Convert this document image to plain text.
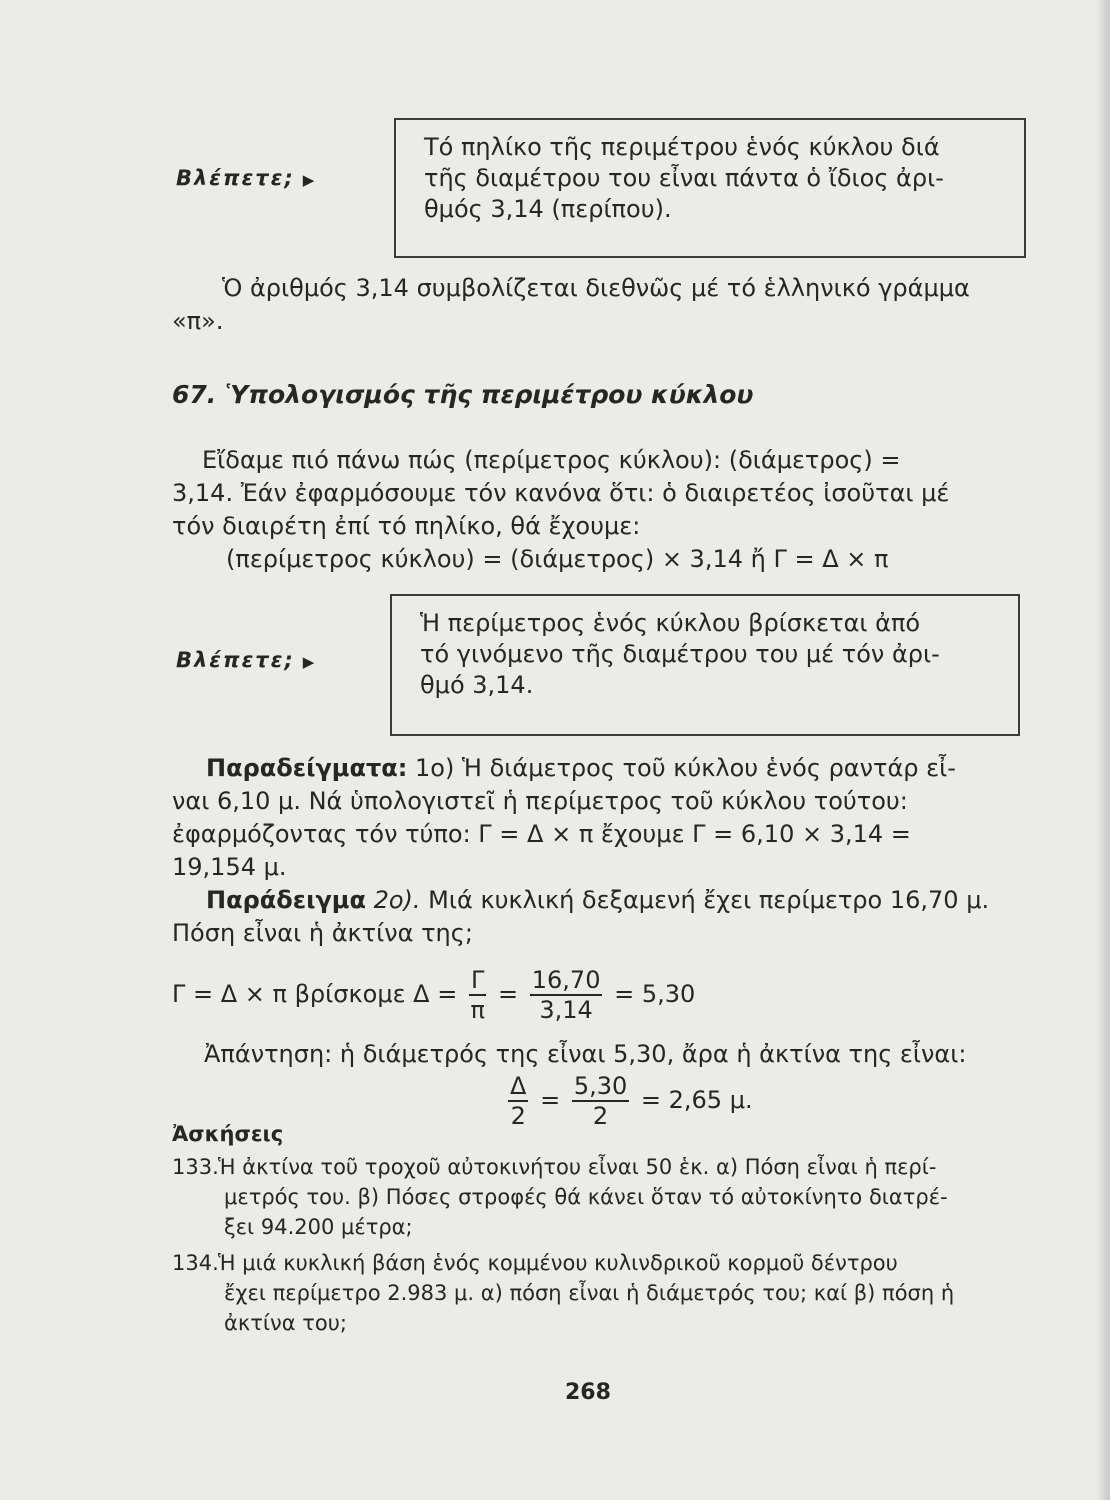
Βλέπετε; ▶
Τό πηλίκο τῆς περιμέτρου ἑνός κύκλου διά
τῆς διαμέτρου του εἶναι πάντα ὁ ἴδιος ἀρι-
θμός 3,14 (περίπου).
Ὁ ἀριθμός 3,14 συμβολίζεται διεθνῶς μέ τό ἑλληνικό γράμμα
«π».
67. Ὑπολογισμός τῆς περιμέτρου κύκλου
Εἴδαμε πιό πάνω πώς (περίμετρος κύκλου): (διάμετρος) =
3,14. Ἐάν ἐφαρμόσουμε τόν κανόνα ὅτι: ὁ διαιρετέος ἰσοῦται μέ
τόν διαιρέτη ἐπί τό πηλίκο, θά ἔχουμε:
(περίμετρος κύκλου) = (διάμετρος) × 3,14 ἤ Γ = Δ × π
Βλέπετε; ▶
Ἡ περίμετρος ἑνός κύκλου βρίσκεται ἀπό
τό γινόμενο τῆς διαμέτρου του μέ τόν ἀρι-
θμό 3,14.
Παραδείγματα: 1ο) Ἡ διάμετρος τοῦ κύκλου ἑνός ραντάρ εἶ-
ναι 6,10 μ. Νά ὑπολογιστεῖ ἡ περίμετρος τοῦ κύκλου τούτου:
ἐφαρμόζοντας τόν τύπο: Γ = Δ × π ἔχουμε Γ = 6,10 × 3,14 =
19,154 μ.
Παράδειγμα 2ο). Μιά κυκλική δεξαμενή ἔχει περίμετρο 16,70 μ.
Πόση εἶναι ἡ ἀκτίνα της;
Γ = Δ × π βρίσκομε $\Delta = \frac{\Gamma}{\pi} = \frac{16,70}{3,14} = 5,30$
Ἀπάντηση: ἡ διάμετρός της εἶναι 5,30, ἄρα ἡ ἀκτίνα της εἶναι:
$\frac{\Delta}{2} = \frac{5,30}{2} = 2,65$ μ.
Ἀσκήσεις
133.Ἡ ἀκτίνα τοῦ τροχοῦ αὐτοκινήτου εἶναι 50 ἑκ. α) Πόση εἶναι ἡ περί-
μετρός του. β) Πόσες στροφές θά κάνει ὅταν τό αὐτοκίνητο διατρέ-
ξει 94.200 μέτρα;
134.Ἡ μιά κυκλική βάση ἑνός κομμένου κυλινδρικοῦ κορμοῦ δέντρου
ἔχει περίμετρο 2.983 μ. α) πόση εἶναι ἡ διάμετρός του; καί β) πόση ἡ
ἀκτίνα του;
268
